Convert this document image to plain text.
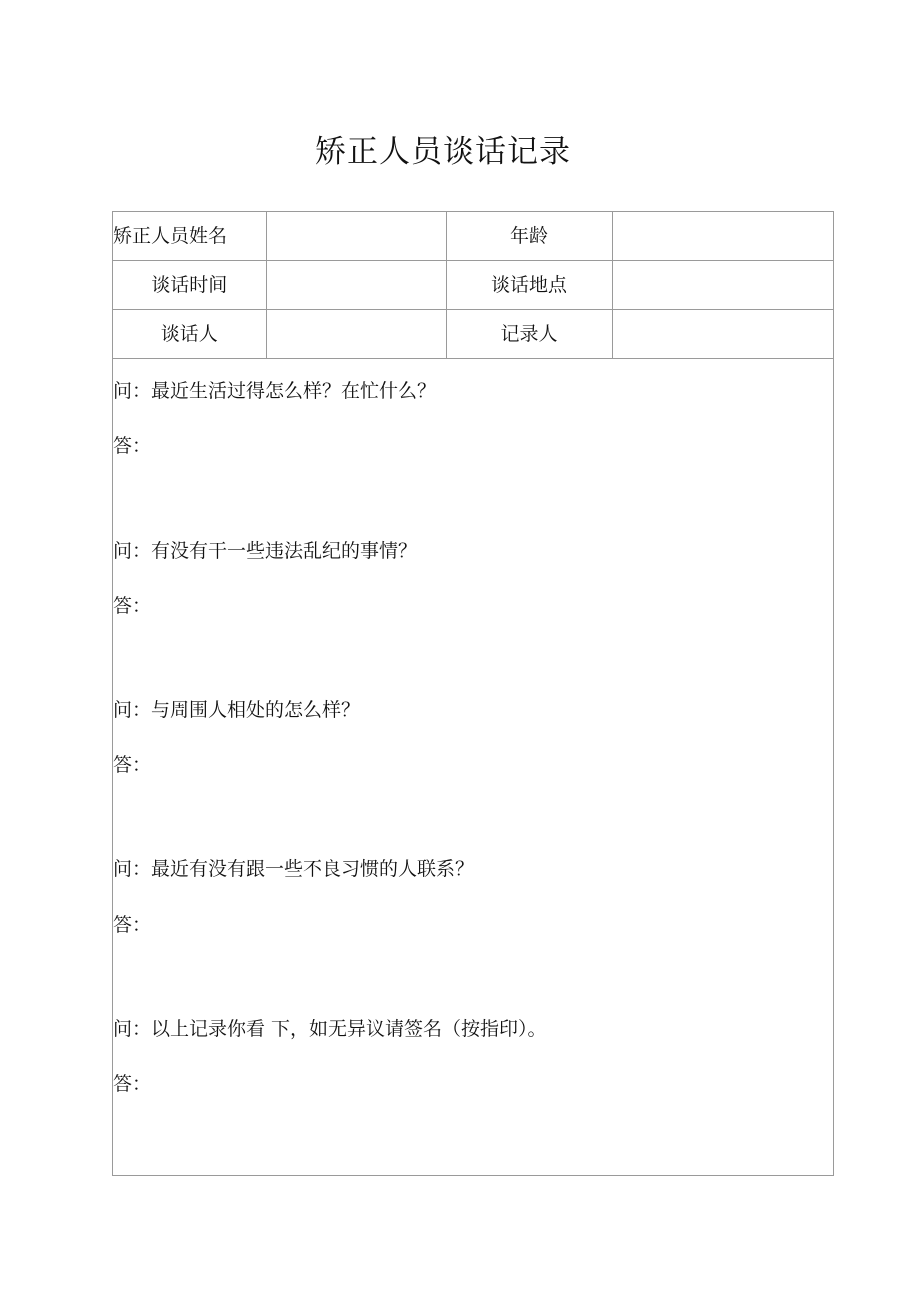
矫正人员谈话记录
矫正人员姓名		年龄	
谈话时间		谈话地点	
谈话人		记录人	
问：最近生活过得怎么样？在忙什么？
答：
问：有没有干一些违法乱纪的事情？
答：
问：与周围人相处的怎么样？
答：
问：最近有没有跟一些不良习惯的人联系？
答：
问：以上记录你看 下，如无异议请签名（按指印）。
答：
